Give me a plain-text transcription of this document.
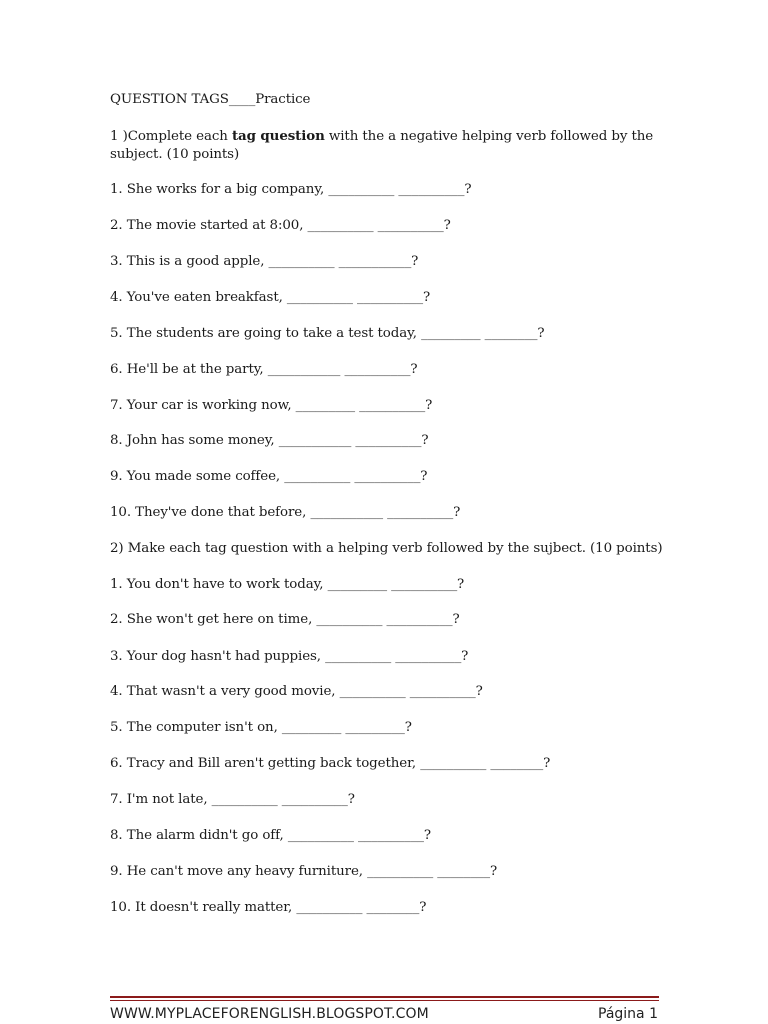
QUESTION TAGS____Practice
1 )Complete each tag question with the a negative helping verb followed by the
subject. (10 points)
1. She works for a big company, __________ __________?
2. The movie started at 8:00, __________ __________?
3. This is a good apple, __________ ___________?
4. You've eaten breakfast, __________ __________?
5. The students are going to take a test today, _________ ________?
6. He'll be at the party, ___________ __________?
7. Your car is working now, _________ __________?
8. John has some money, ___________ __________?
9. You made some coffee, __________ __________?
10. They've done that before, ___________ __________?
2) Make each tag question with a helping verb followed by the sujbect. (10 points)
1. You don't have to work today, _________ __________?
2. She won't get here on time, __________ __________?
3. Your dog hasn't had puppies, __________ __________?
4. That wasn't a very good movie, __________ __________?
5. The computer isn't on, _________ _________?
6. Tracy and Bill aren't getting back together, __________ ________?
7. I'm not late, __________ __________?
8. The alarm didn't go off, __________ __________?
9. He can't move any heavy furniture, __________ ________?
10. It doesn't really matter, __________ ________?
WWW.MYPLACEFORENGLISH.BLOGSPOT.COM	Página 1
